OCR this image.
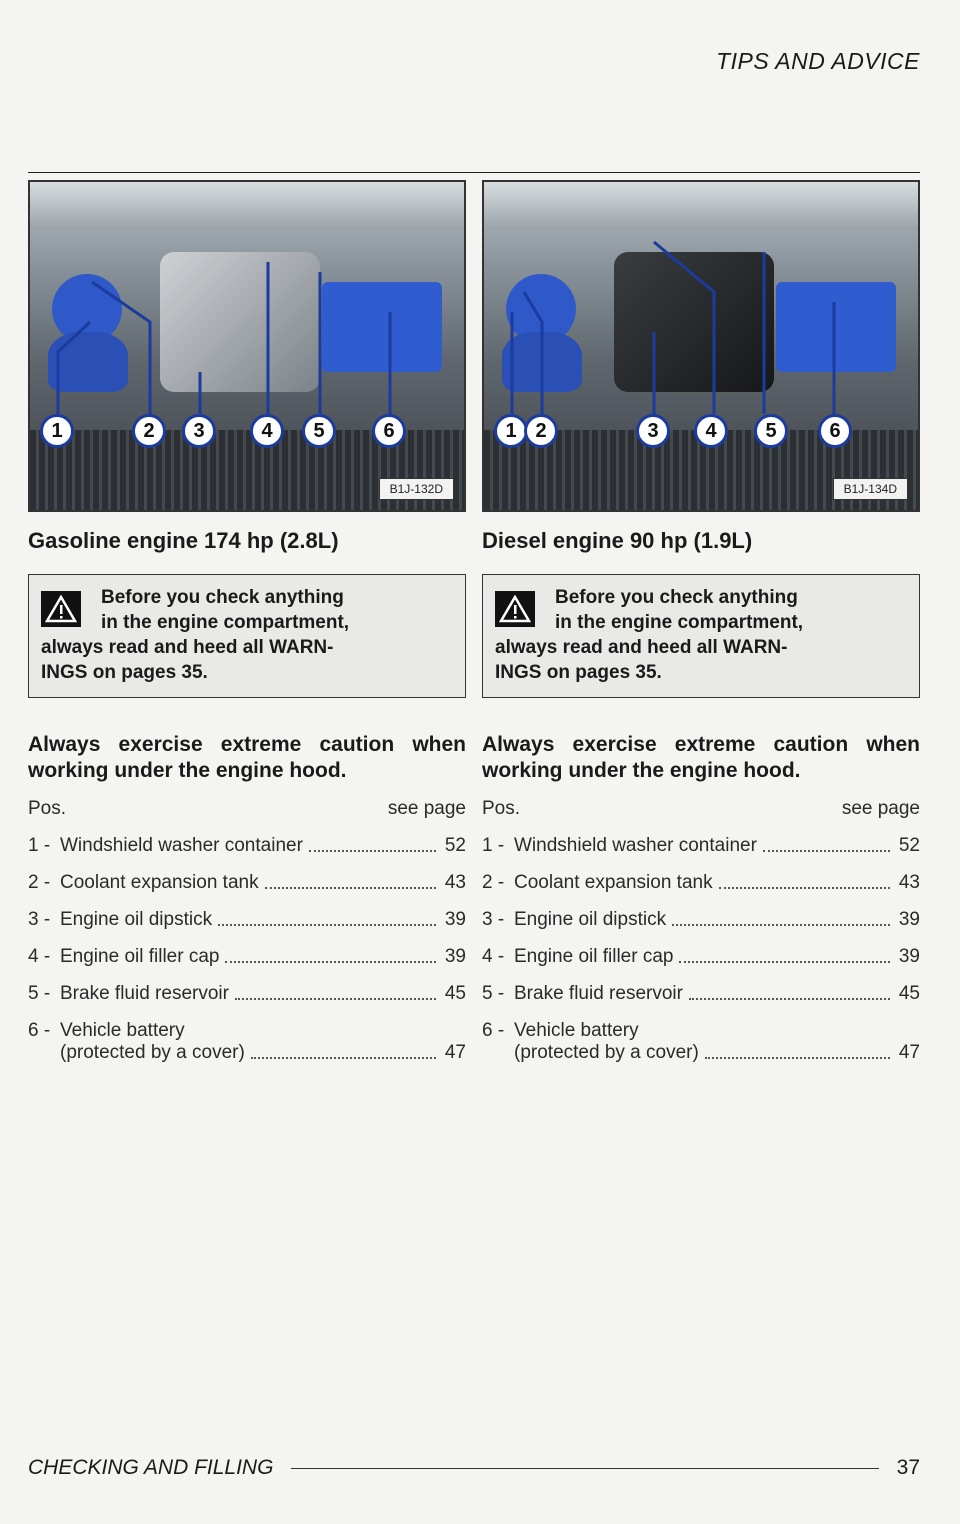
TIPS AND ADVICE
1	2	3	4	5	6
B1J-132D
Gasoline engine 174 hp (2.8L)
Before you check anything
in the engine compartment,
always read and heed all WARN-
INGS on pages 35.
Always exercise extreme caution when working under the engine hood.
Pos.	see page
1 - Windshield washer container	52
2 - Coolant expansion tank	43
3 - Engine oil dipstick	39
4 - Engine oil filler cap	39
5 - Brake fluid reservoir	45
6 - Vehicle battery
(protected by a cover)	47
1 2	3	4	5	6
B1J-134D
Diesel engine 90 hp (1.9L)
Before you check anything
in the engine compartment,
always read and heed all WARN-
INGS on pages 35.
Always exercise extreme caution when working under the engine hood.
Pos.	see page
1 - Windshield washer container	52
2 - Coolant expansion tank	43
3 - Engine oil dipstick	39
4 - Engine oil filler cap	39
5 - Brake fluid reservoir	45
6 - Vehicle battery
(protected by a cover)	47
CHECKING AND FILLING	37
